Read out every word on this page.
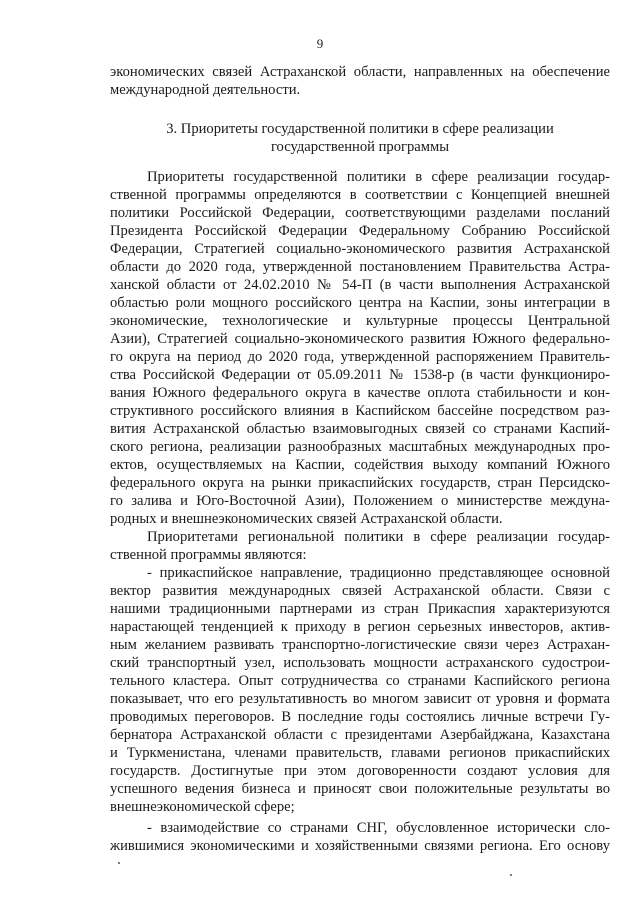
9
экономических связей Астраханской области, направленных на обеспечение
международной деятельности.
3. Приоритеты государственной политики в сфере реализации
государственной программы
Приоритеты государственной политики в сфере реализации государ-
ственной программы определяются в соответствии с Концепцией внешней
политики Российской Федерации, соответствующими разделами посланий
Президента Российской Федерации Федеральному Собранию Российской
Федерации, Стратегией социально-экономического развития Астраханской
области до 2020 года, утвержденной постановлением Правительства Астра-
ханской области от 24.02.2010 № 54-П (в части выполнения Астраханской
областью роли мощного российского центра на Каспии, зоны интеграции в
экономические, технологические и культурные процессы Центральной
Азии), Стратегией социально-экономического развития Южного федерально-
го округа на период до 2020 года, утвержденной распоряжением Правитель-
ства Российской Федерации от 05.09.2011 № 1538-р (в части функциониро-
вания Южного федерального округа в качестве оплота стабильности и кон-
структивного российского влияния в Каспийском бассейне посредством раз-
вития Астраханской областью взаимовыгодных связей со странами Каспий-
ского региона, реализации разнообразных масштабных международных про-
ектов, осуществляемых на Каспии, содействия выходу компаний Южного
федерального округа на рынки прикаспийских государств, стран Персидско-
го залива и Юго-Восточной Азии), Положением о министерстве междуна-
родных и внешнеэкономических связей Астраханской области.
Приоритетами региональной политики в сфере реализации государ-
ственной программы являются:
- прикаспийское направление, традиционно представляющее основной
вектор развития международных связей Астраханской области. Связи с
нашими традиционными партнерами из стран Прикаспия характеризуются
нарастающей тенденцией к приходу в регион серьезных инвесторов, актив-
ным желанием развивать транспортно-логистические связи через Астрахан-
ский транспортный узел, использовать мощности астраханского судострои-
тельного кластера. Опыт сотрудничества со странами Каспийского региона
показывает, что его результативность во многом зависит от уровня и формата
проводимых переговоров. В последние годы состоялись личные встречи Гу-
бернатора Астраханской области с президентами Азербайджана, Казахстана
и Туркменистана, членами правительств, главами регионов прикаспийских
государств. Достигнутые при этом договоренности создают условия для
успешного ведения бизнеса и приносят свои положительные результаты во
внешнеэкономической сфере;
- взаимодействие со странами СНГ, обусловленное исторически сло-
жившимися экономическими и хозяйственными связями региона. Его основу
